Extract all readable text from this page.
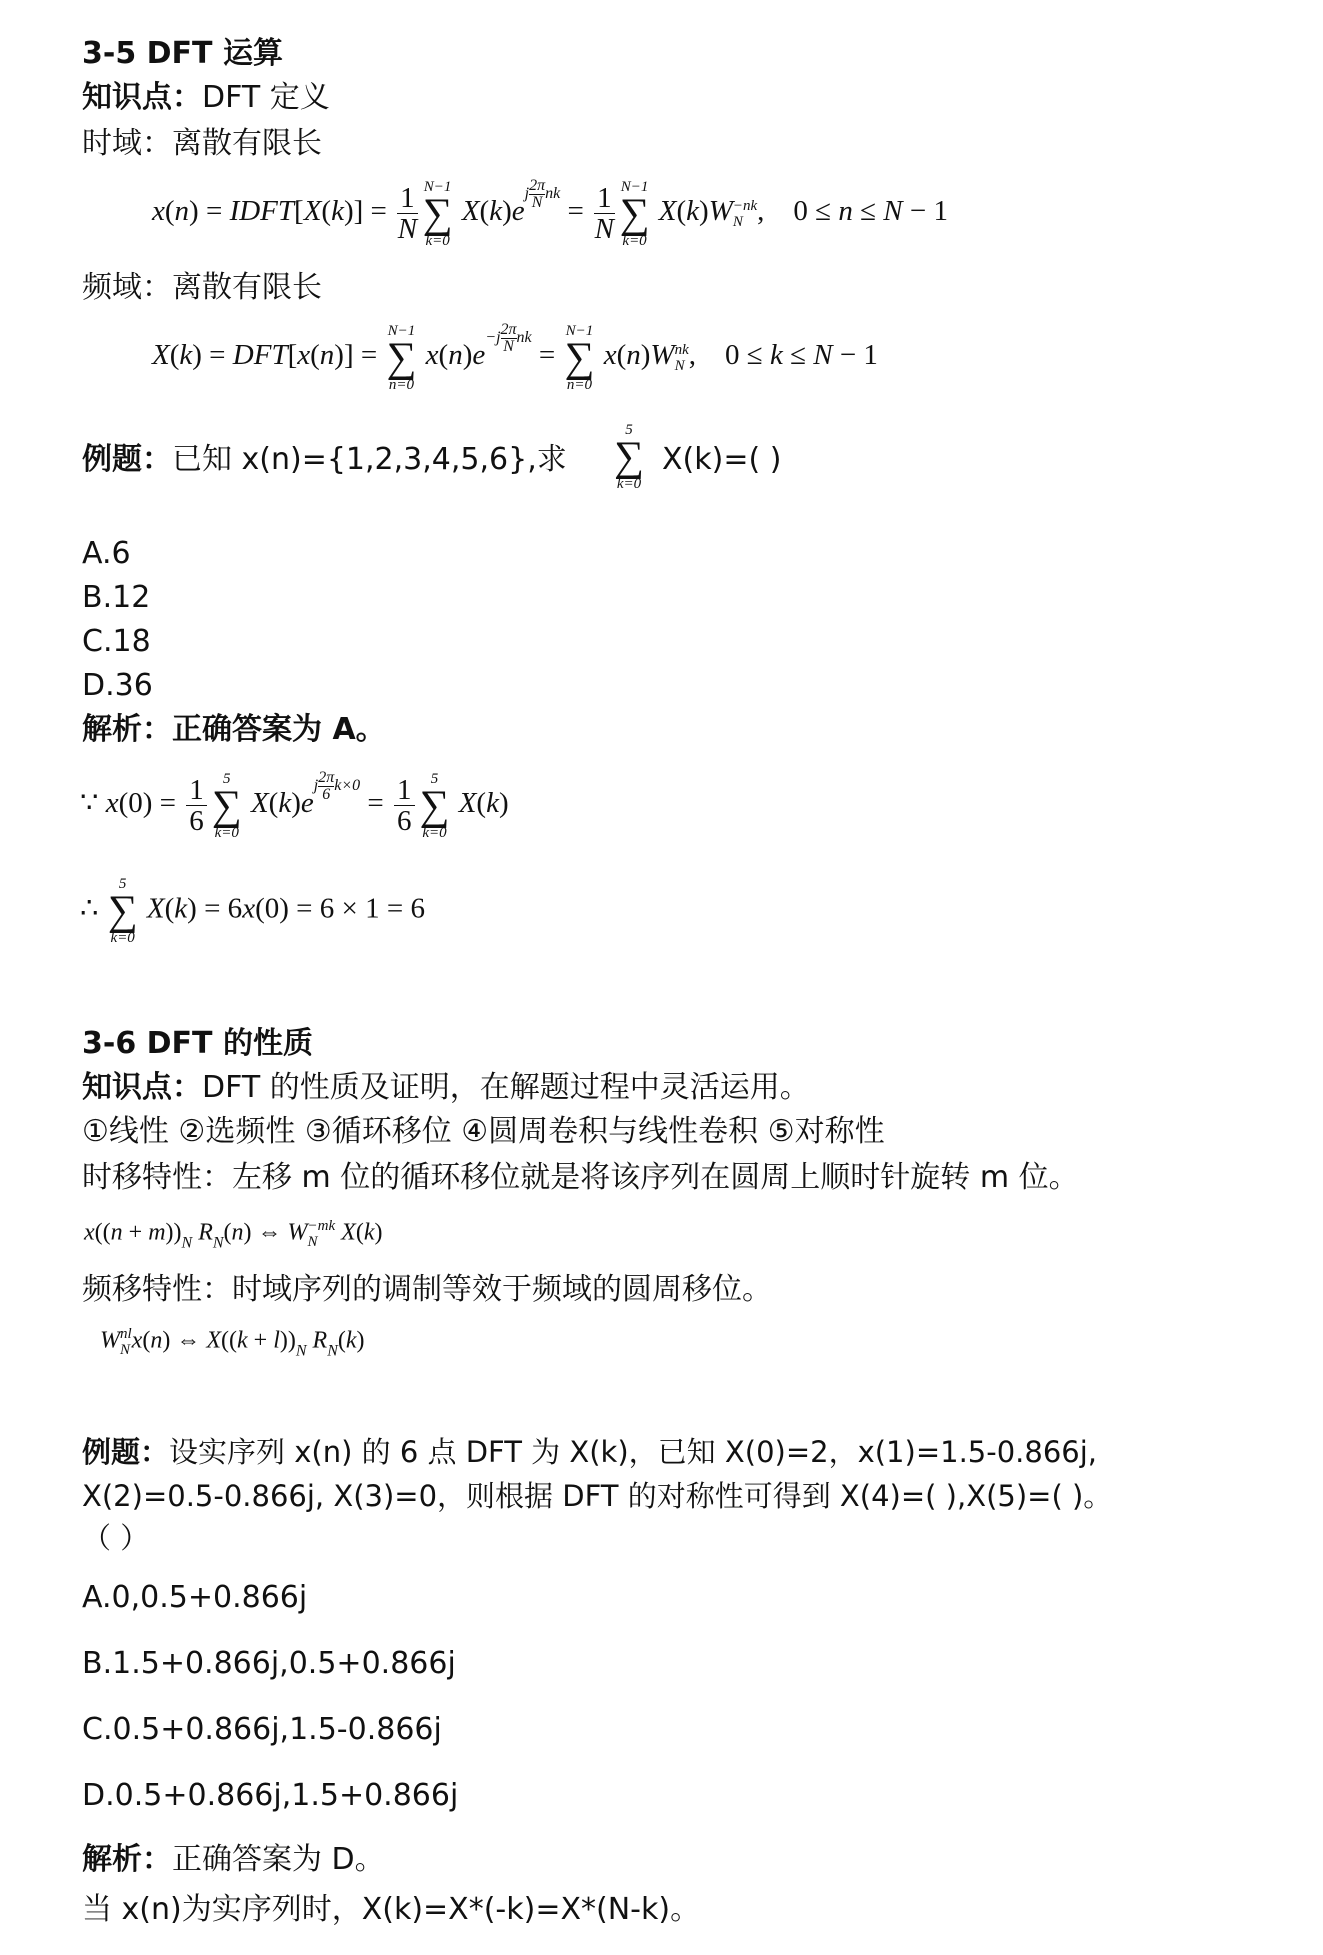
3-5 DFT 运算
知识点：DFT 定义
时域：离散有限长
x(n) = IDFT[X(k)] = $\frac{1}{N} N-1$
∑
k=0
$X(k)ej \frac{2\pi}{N}$ nk = $\frac{1}{N} N-1$
∑
k=0
X(k)W −nk
N ,    0 ≤ n ≤ N − 1
频域：离散有限长
X(k) = DFT[x(n)] =
N−1
∑
n=0
$x(n)e-j \frac{2\pi}{N}$ nk =
N−1
∑
n=0
x(n)W nk
N ,    0 ≤ k ≤ N − 1
例题：已知 x(n)={1,2,3,4,5,6},求
5
∑
k=0
X(k)=( )
A.6
B.12
C.18
D.36
解析：正确答案为 A。
∵ $x(0) = \frac{1}{6}$	5
∑
k=0
$X(k)ej \frac{2\pi}{6} k\times 0 = \frac{1}{6}$	5
∑
k=0
X(k)
∴
5
∑
k=0
X(k) = 6x(0) = 6 × 1 = 6
3-6 DFT 的性质
知识点：DFT 的性质及证明，在解题过程中灵活运用。
①线性 ②选频性 ③循环移位 ④圆周卷积与线性卷积 ⑤对称性
时移特性：左移 m 位的循环移位就是将该序列在圆周上顺时针旋转 m 位。
$x((n + m))_N$ $R_N(n)$ ⇔ W −mk
N X(k)
频移特性：时域序列的调制等效于频域的圆周移位。
W nl
N x(n) ⇔ $X((k + l))_N$ $R_N(k)$
例题：设实序列 x(n) 的 6 点 DFT 为 X(k)，已知 X(0)=2，x(1)=1.5-0.866j,
X(2)=0.5-0.866j, X(3)=0，则根据 DFT 的对称性可得到 X(4)=( ),X(5)=( )。
（ ）
A.0,0.5+0.866j
B.1.5+0.866j,0.5+0.866j
C.0.5+0.866j,1.5-0.866j
D.0.5+0.866j,1.5+0.866j
解析：正确答案为 D。
当 x(n)为实序列时，X(k)=X*(-k)=X*(N-k)。
